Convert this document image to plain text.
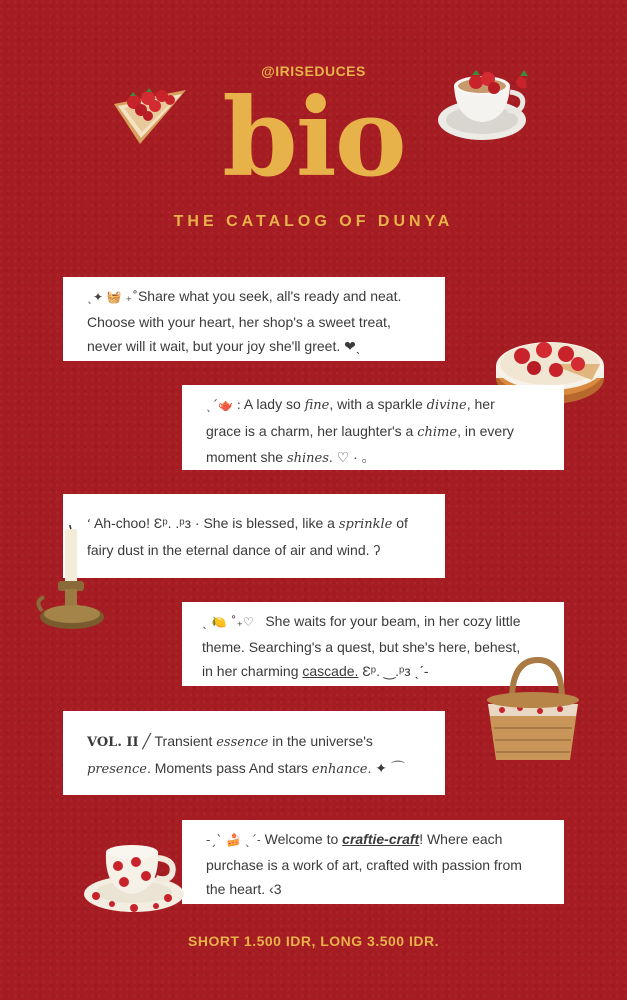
@IRISEDUCES
bio
THE CATALOG OF DUNYA
ˎ✦ 🧺 ₊˚Share what you seek, all's ready and neat.
Choose with your heart, her shop's a sweet treat,
never will it wait, but your joy she'll greet. ❤︎ˎ
ˎˊ🫖 : A lady so fine, with a sparkle divine, her
grace is a charm, her laughter's a chime, in every
moment she shines. ♡ · 。
‘ Ah-choo! Ɛᵖ. .ᵖз · She is blessed, like a sprinkle of
fairy dust in the eternal dance of air and wind. ʔ
ˎ 🍋 ˚₊♡ She waits for your beam, in her cozy little
theme. Searching's a quest, but she's here, behest,
in her charming cascade. Ɛᵖ. ‿.ᵖз ˎˊ-
VOL. II ╱ Transient essence in the universe's
presence. Moments pass And stars enhance. ✦ ⌒
-ˏˋ 🍰 ˎˊ˗ Welcome to craftie-craft! Where each
purchase is a work of art, crafted with passion from
the heart. ‹3
SHORT 1.500 IDR, LONG 3.500 IDR.
